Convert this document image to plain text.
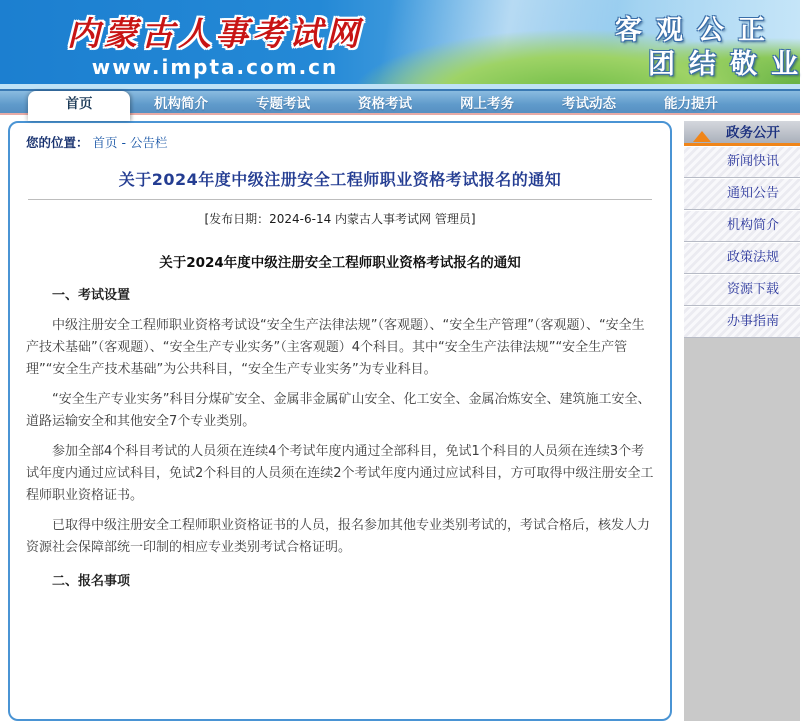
内蒙古人事考试网
www.impta.com.cn
客观公正
团结敬业
首页	机构简介	专题考试	资格考试	网上考务	考试动态	能力提升
您的位置： 首页 - 公告栏
关于2024年度中级注册安全工程师职业资格考试报名的通知
[发布日期：2024-6-14 内蒙古人事考试网 管理员]
关于2024年度中级注册安全工程师职业资格考试报名的通知

一、考试设置

中级注册安全工程师职业资格考试设“安全生产法律法规”（客观题）、“安全生产管理”（客观题）、“安全生产技术基础”（客观题）、“安全生产专业实务”（主客观题）4个科目。其中“安全生产法律法规”“安全生产管理”“安全生产技术基础”为公共科目，“安全生产专业实务”为专业科目。

“安全生产专业实务”科目分煤矿安全、金属非金属矿山安全、化工安全、金属冶炼安全、建筑施工安全、道路运输安全和其他安全7个专业类别。

参加全部4个科目考试的人员须在连续4个考试年度内通过全部科目，免试1个科目的人员须在连续3个考试年度内通过应试科目，免试2个科目的人员须在连续2个考试年度内通过应试科目，方可取得中级注册安全工程师职业资格证书。

已取得中级注册安全工程师职业资格证书的人员，报名参加其他专业类别考试的，考试合格后，核发人力资源社会保障部统一印制的相应专业类别考试合格证明。

二、报名事项

政务公开
新闻快讯
通知公告
机构简介
政策法规
资源下载
办事指南
